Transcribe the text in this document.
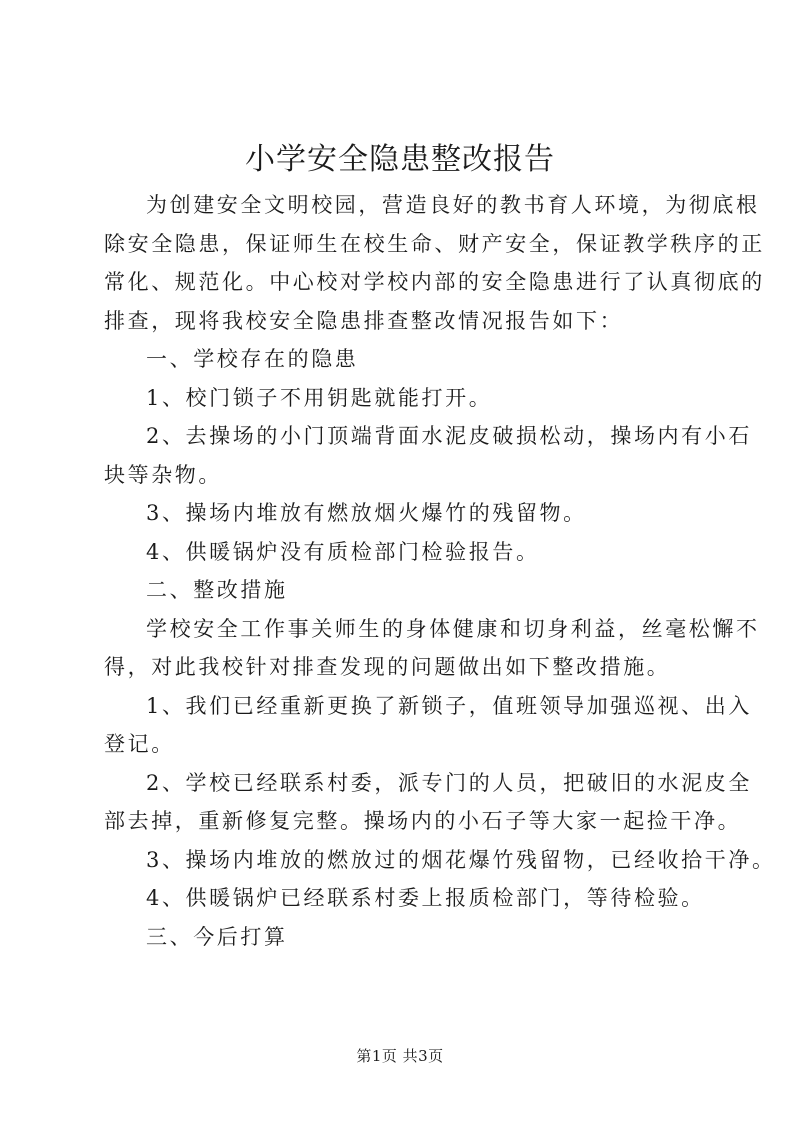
小学安全隐患整改报告

为创建安全文明校园，营造良好的教书育人环境，为彻底根
除安全隐患，保证师生在校生命、财产安全，保证教学秩序的正
常化、规范化。中心校对学校内部的安全隐患进行了认真彻底的
排查，现将我校安全隐患排查整改情况报告如下：

一、学校存在的隐患

1、校门锁子不用钥匙就能打开。

2、去操场的小门顶端背面水泥皮破损松动，操场内有小石
块等杂物。

3、操场内堆放有燃放烟火爆竹的残留物。

4、供暖锅炉没有质检部门检验报告。

二、整改措施

学校安全工作事关师生的身体健康和切身利益，丝毫松懈不
得，对此我校针对排查发现的问题做出如下整改措施。

1、我们已经重新更换了新锁子，值班领导加强巡视、出入
登记。

2、学校已经联系村委，派专门的人员，把破旧的水泥皮全
部去掉，重新修复完整。操场内的小石子等大家一起捡干净。

3、操场内堆放的燃放过的烟花爆竹残留物，已经收拾干净。

4、供暖锅炉已经联系村委上报质检部门，等待检验。

三、今后打算

第1页 共3页
